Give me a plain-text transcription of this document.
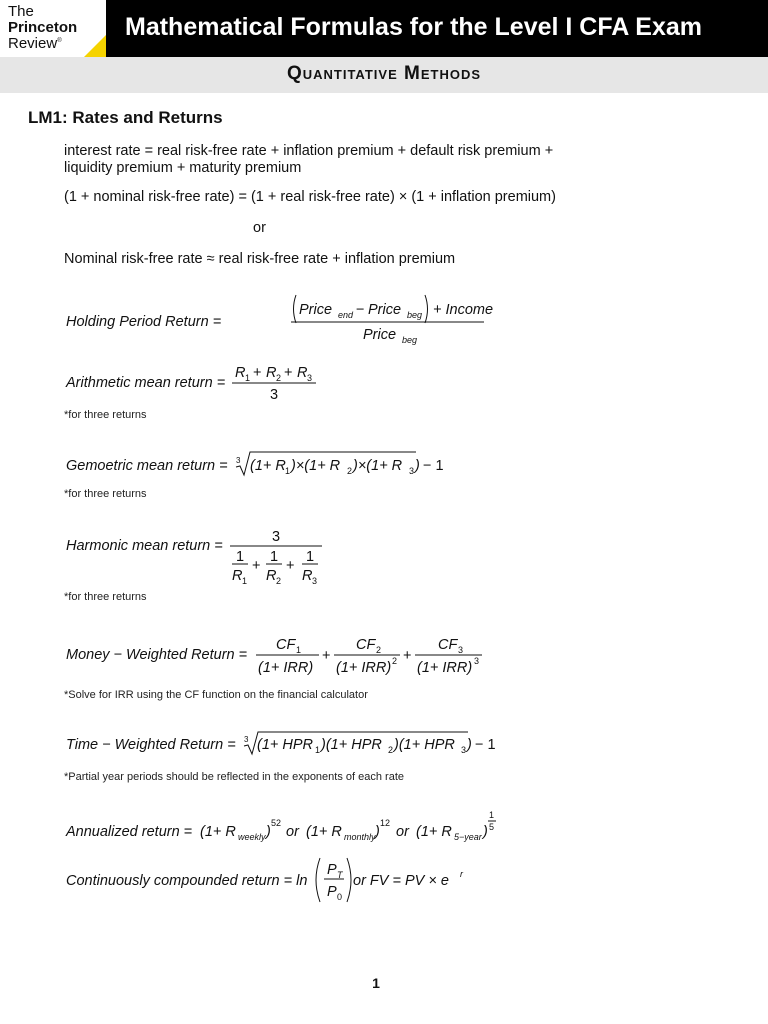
The
Princeton
Review®	Mathematical Formulas for the Level I CFA Exam
Quantitative Methods
LM1: Rates and Returns
interest rate = real risk-free rate + inflation premium + default risk premium +
liquidity premium + maturity premium
(1 + nominal risk-free rate) = (1 + real risk-free rate) × (1 + inflation premium)
or
Nominal risk-free rate ≈ real risk-free rate + inflation premium
Holding Period Return =
Price end − Price beg + Income
Price beg
Arithmetic mean return =
R 1 + R 2 + R 3
3
*for three returns
Gemoetric mean return = 3 (1+ R 1 )×(1+ R 2 )×(1+ R 3 ) − 1
*for three returns
Harmonic mean return =
3
1
R 1
+
1
R 2
+
1
R 3
*for three returns
Money − Weighted Return =
CF 1
(1+ IRR)
+
CF 2
(1+ IRR) 2 +
CF 3
(1+ IRR) 3
*Solve for IRR using the CF function on the financial calculator
Time − Weighted Return = 3 (1+ HPR 1 )(1+ HPR 2 )(1+ HPR 3 ) − 1
*Partial year periods should be reflected in the exponents of each rate
Annualized return = (1+ R weekly )
52
or (1+ R monthly )
12
or (1+ R 5−year )
1
5
Continuously compounded return = ln
P T
P 0
or FV = PV × e r
1
